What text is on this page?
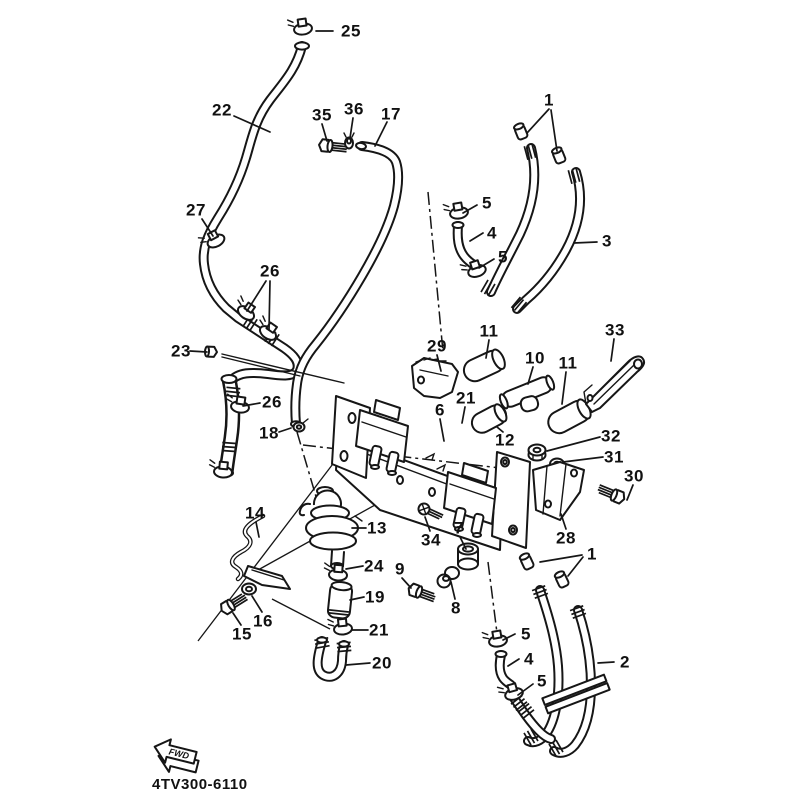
FWD
25
22	35 36 17
1
27	5
4	3
5
26
11
10 11
33
23	29
26	6
21
18	12	32
31
30
14
13	7
34	28
1
24 9
19
16
15	21
8
20
5
4
5
2
4TV300-6110
